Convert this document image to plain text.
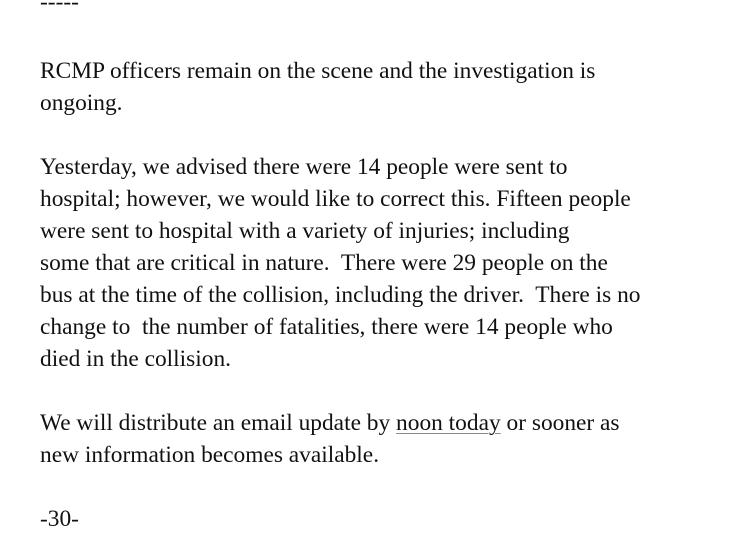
-----
RCMP officers remain on the scene and the investigation is
ongoing.
Yesterday, we advised there were 14 people were sent to
hospital; however, we would like to correct this. Fifteen people
were sent to hospital with a variety of injuries; including
some that are critical in nature.  There were 29 people on the
bus at the time of the collision, including the driver.  There is no
change to  the number of fatalities, there were 14 people who
died in the collision.
We will distribute an email update by noon today or sooner as
new information becomes available.
-30-
